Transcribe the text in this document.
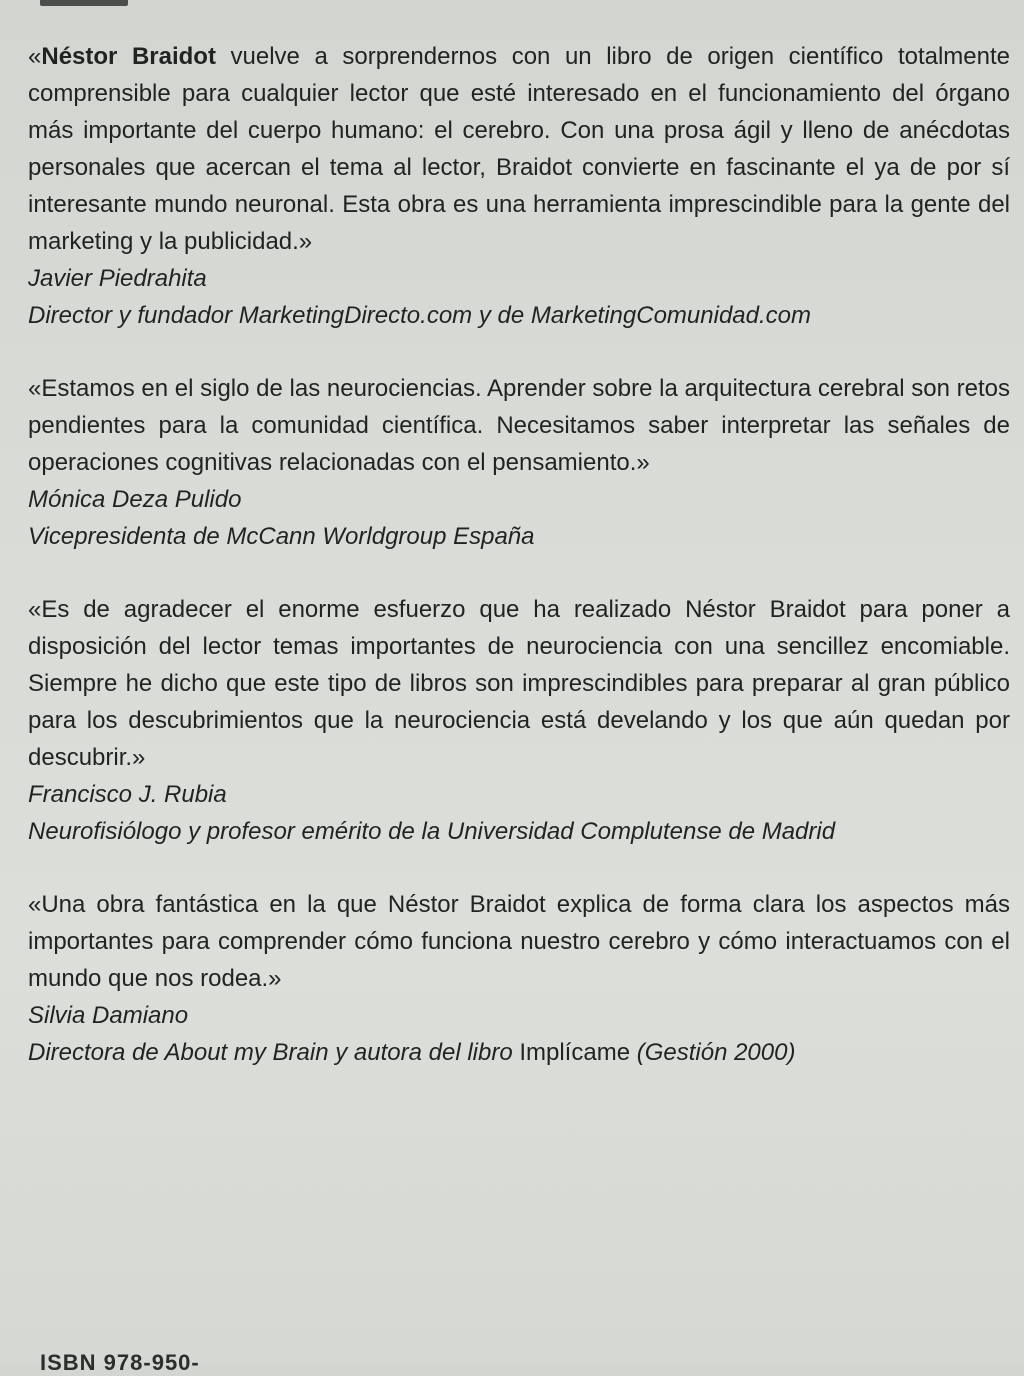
«Néstor Braidot vuelve a sorprendernos con un libro de origen científico totalmente comprensible para cualquier lector que esté interesado en el funcionamiento del órgano más importante del cuerpo humano: el cerebro. Con una prosa ágil y lleno de anécdotas personales que acercan el tema al lector, Braidot convierte en fascinante el ya de por sí interesante mundo neuronal. Esta obra es una herramienta imprescindible para la gente del marketing y la publicidad.»

Javier Piedrahita

Director y fundador MarketingDirecto.com y de MarketingComunidad.com

«Estamos en el siglo de las neurociencias. Aprender sobre la arquitectura cerebral son retos pendientes para la comunidad científica. Necesitamos saber interpretar las señales de operaciones cognitivas relacionadas con el pensamiento.»

Mónica Deza Pulido

Vicepresidenta de McCann Worldgroup España

«Es de agradecer el enorme esfuerzo que ha realizado Néstor Braidot para poner a disposición del lector temas importantes de neurociencia con una sencillez encomiable. Siempre he dicho que este tipo de libros son imprescindibles para preparar al gran público para los descubrimientos que la neurociencia está develando y los que aún quedan por descubrir.»

Francisco J. Rubia

Neurofisiólogo y profesor emérito de la Universidad Complutense de Madrid

«Una obra fantástica en la que Néstor Braidot explica de forma clara los aspectos más importantes para comprender cómo funciona nuestro cerebro y cómo interactuamos con el mundo que nos rodea.»

Silvia Damiano

Directora de About my Brain y autora del libro Implícame (Gestión 2000)

ISBN 978-950-
